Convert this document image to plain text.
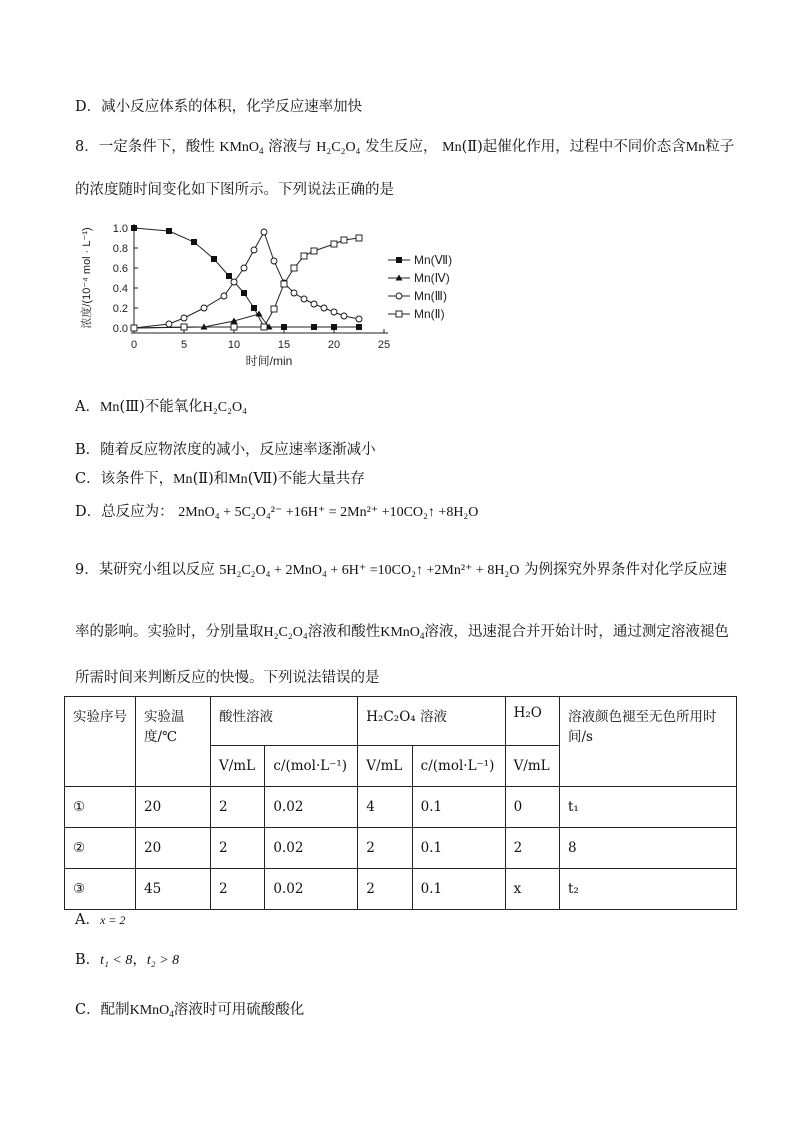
D．减小反应体系的体积，化学反应速率加快
8．一定条件下，酸性 KMnO$_4$ 溶液与 H₂C₂O₄ 发生反应， Mn(Ⅱ)起催化作用，过程中不同价态含Mn粒子
的浓度随时间变化如下图所示。下列说法正确的是
0.0
0.2
0.4
0.6
0.8
1.0
0	5	10	15	20	25
时间/min
浓度/(10⁻⁴ mol · L⁻¹)	Mn(Ⅶ)
Mn(Ⅳ)
Mn(Ⅲ)
Mn(Ⅱ)
A．Mn(Ⅲ)不能氧化H₂C₂O₄
B．随着反应物浓度的减小，反应速率逐渐减小
C．该条件下，Mn(Ⅱ)和Mn(Ⅶ)不能大量共存
D．总反应为： 2MnO₄ + 5C₂O₄²⁻ +16H⁺ = 2Mn²⁺ +10CO₂↑ +8H₂O
9．某研究小组以反应 5H₂C₂O₄ + 2MnO₄ + 6H⁺ =10CO₂↑ +2Mn²⁺ + 8H₂O 为例探究外界条件对化学反应速
率的影响。实验时，分别量取H₂C₂O₄溶液和酸性KMnO$_4$溶液，迅速混合并开始计时，通过测定溶液褪色
所需时间来判断反应的快慢。下列说法错误的是
实验序号	实验温度/℃	酸性溶液		H₂C₂O₄ 溶液		H₂O	溶液颜色褪至无色所用时间/s
		V/mL	c/(mol·L⁻¹)	V/mL	c/(mol·L⁻¹)	V/mL	
①	20	2	0.02	4	0.1	0	t₁
②	20	2	0.02	2	0.1	2	8
③	45	2	0.02	2	0.1	x	t₂
A．x = 2
B．t₁ < 8，t₂ > 8
C．配制KMnO$_4$溶液时可用硫酸酸化
